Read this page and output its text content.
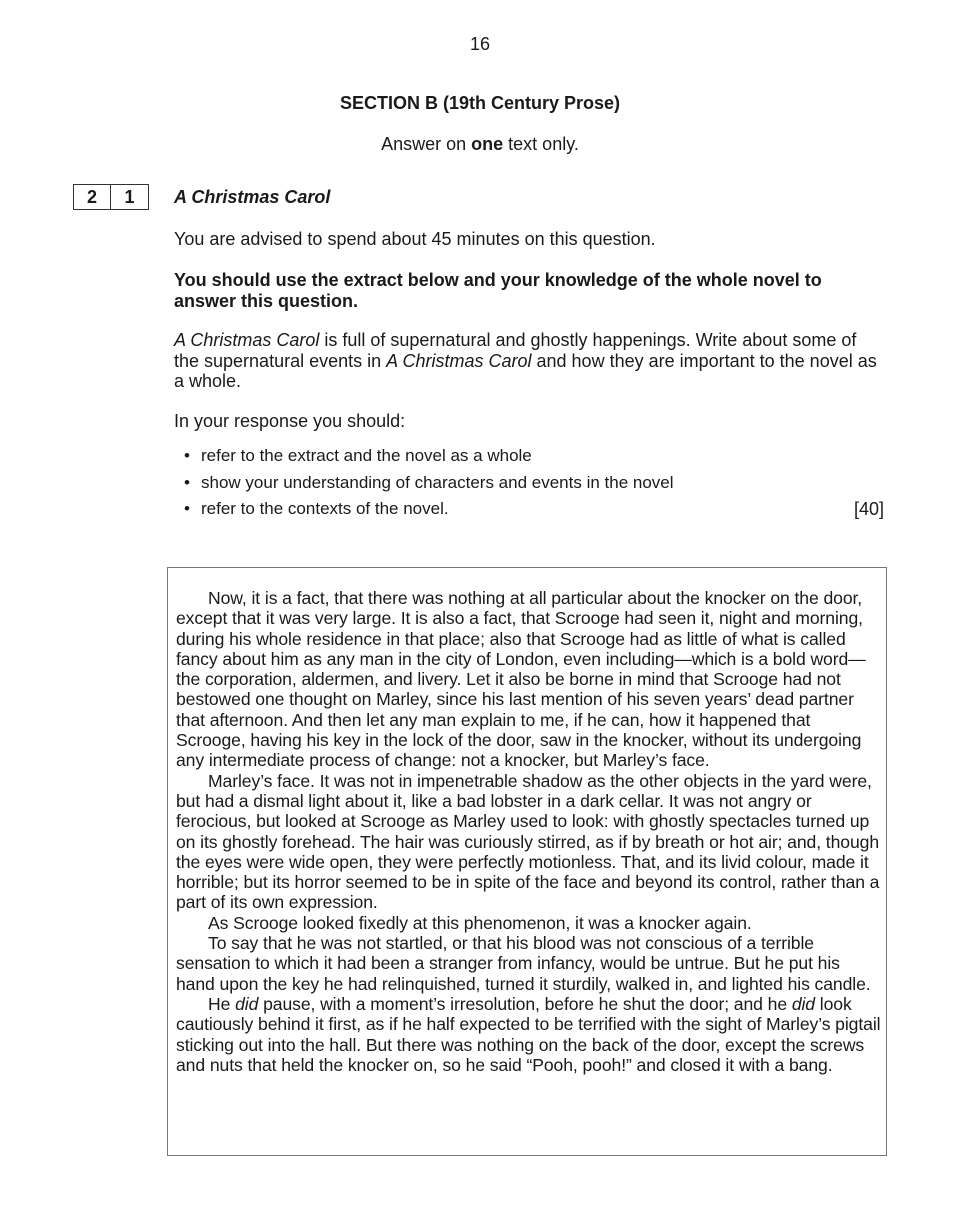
16
SECTION B (19th Century Prose)
Answer on one text only.
2	1	A Christmas Carol
You are advised to spend about 45 minutes on this question.
You should use the extract below and your knowledge of the whole novel to answer this question.
A Christmas Carol is full of supernatural and ghostly happenings. Write about some of the supernatural events in A Christmas Carol and how they are important to the novel as a whole.
In your response you should:
• refer to the extract and the novel as a whole
• show your understanding of characters and events in the novel
• refer to the contexts of the novel.	[40]

Now, it is a fact, that there was nothing at all particular about the knocker on the door, except that it was very large. It is also a fact, that Scrooge had seen it, night and morning, during his whole residence in that place; also that Scrooge had as little of what is called fancy about him as any man in the city of London, even including—which is a bold word—the corporation, aldermen, and livery. Let it also be borne in mind that Scrooge had not bestowed one thought on Marley, since his last mention of his seven years’ dead partner that afternoon. And then let any man explain to me, if he can, how it happened that Scrooge, having his key in the lock of the door, saw in the knocker, without its undergoing any intermediate process of change: not a knocker, but Marley’s face.

Marley’s face. It was not in impenetrable shadow as the other objects in the yard were, but had a dismal light about it, like a bad lobster in a dark cellar. It was not angry or ferocious, but looked at Scrooge as Marley used to look: with ghostly spectacles turned up on its ghostly forehead. The hair was curiously stirred, as if by breath or hot air; and, though the eyes were wide open, they were perfectly motionless. That, and its livid colour, made it horrible; but its horror seemed to be in spite of the face and beyond its control, rather than a part of its own expression.

As Scrooge looked fixedly at this phenomenon, it was a knocker again.

To say that he was not startled, or that his blood was not conscious of a terrible sensation to which it had been a stranger from infancy, would be untrue. But he put his hand upon the key he had relinquished, turned it sturdily, walked in, and lighted his candle.

He did pause, with a moment’s irresolution, before he shut the door; and he did look cautiously behind it first, as if he half expected to be terrified with the sight of Marley’s pigtail sticking out into the hall. But there was nothing on the back of the door, except the screws and nuts that held the knocker on, so he said “Pooh, pooh!” and closed it with a bang.
